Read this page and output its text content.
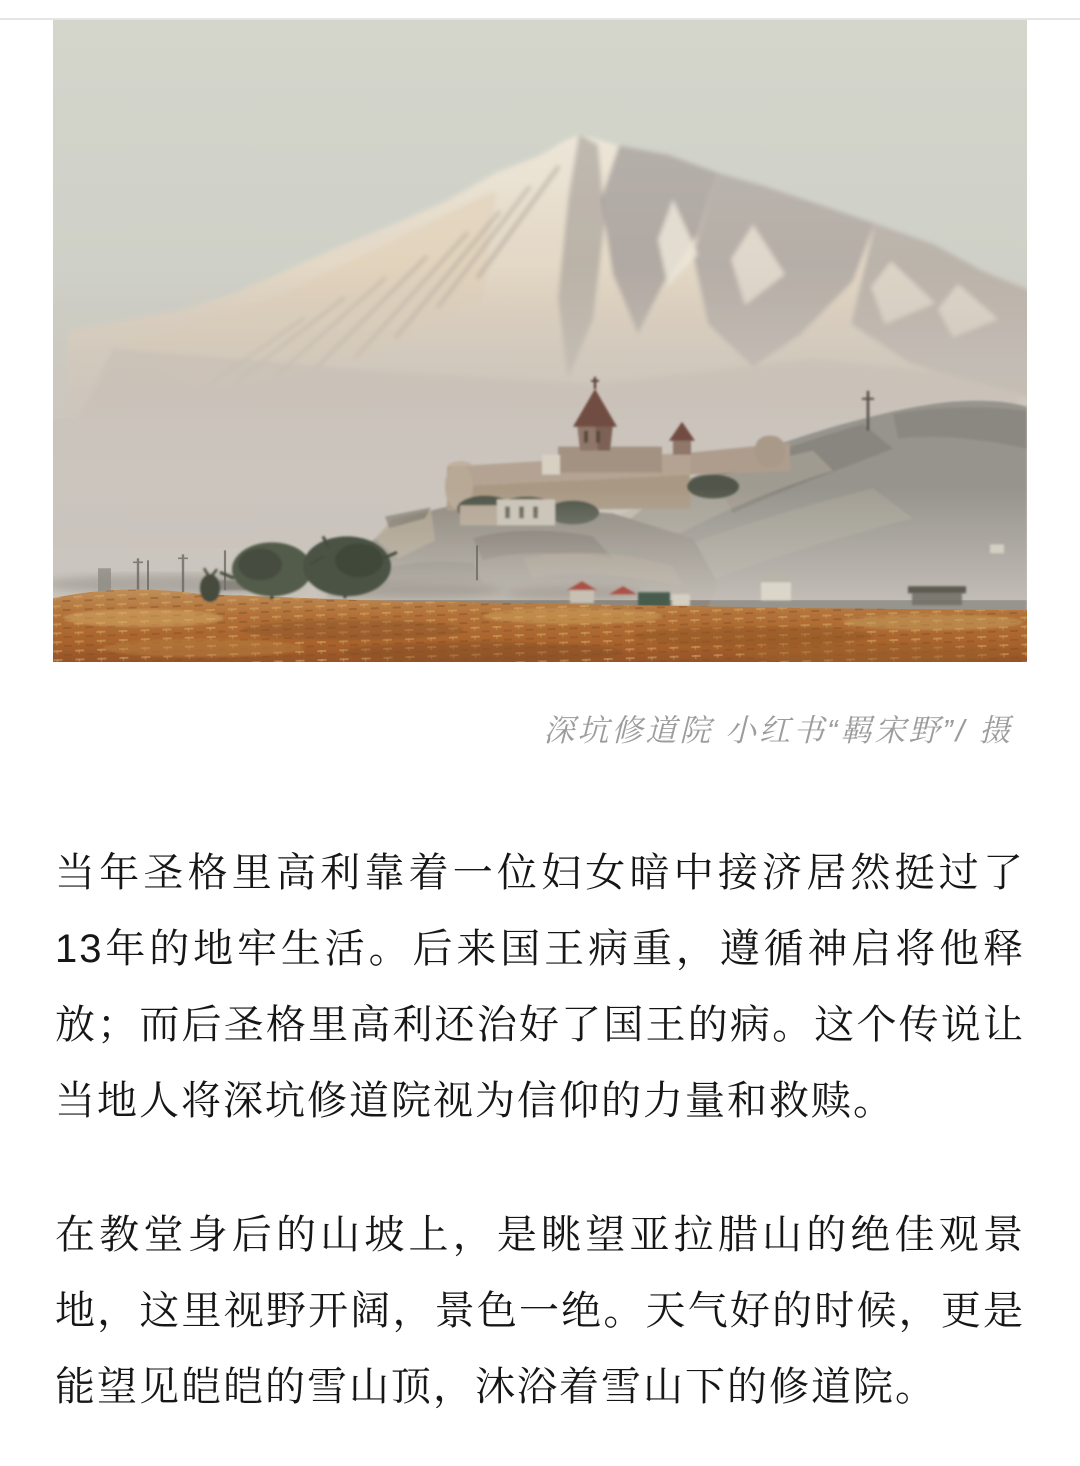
深坑修道院 小红书“羁宋野”/ 摄

当年圣格里高利靠着一位妇女暗中接济居然挺过了13年的地牢生活。后来国王病重，遵循神启将他释放；而后圣格里高利还治好了国王的病。这个传说让当地人将深坑修道院视为信仰的力量和救赎。

在教堂身后的山坡上，是眺望亚拉腊山的绝佳观景地，这里视野开阔，景色一绝。天气好的时候，更是能望见皑皑的雪山顶，沐浴着雪山下的修道院。
